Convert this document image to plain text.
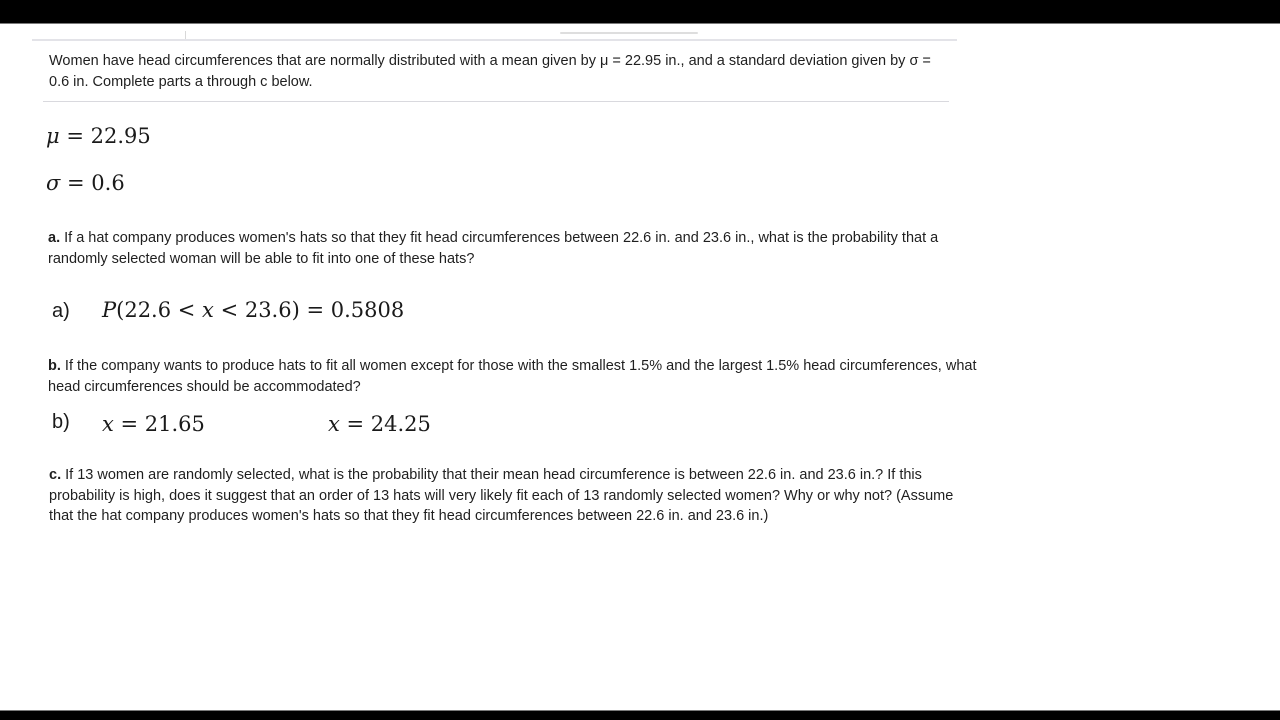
Women have head circumferences that are normally distributed with a mean given by μ = 22.95 in., and a standard deviation given by σ = 0.6 in. Complete parts a through c below.
μ = 22.95
σ = 0.6
a. If a hat company produces women's hats so that they fit head circumferences between 22.6 in. and 23.6 in., what is the probability that a randomly selected woman will be able to fit into one of these hats?
a) P(22.6 < x < 23.6) = 0.5808
b. If the company wants to produce hats to fit all women except for those with the smallest 1.5% and the largest 1.5% head circumferences, what head circumferences should be accommodated?
b) x = 21.65	x = 24.25
c. If 13 women are randomly selected, what is the probability that their mean head circumference is between 22.6 in. and 23.6 in.? If this probability is high, does it suggest that an order of 13 hats will very likely fit each of 13 randomly selected women? Why or why not? (Assume that the hat company produces women's hats so that they fit head circumferences between 22.6 in. and 23.6 in.)
